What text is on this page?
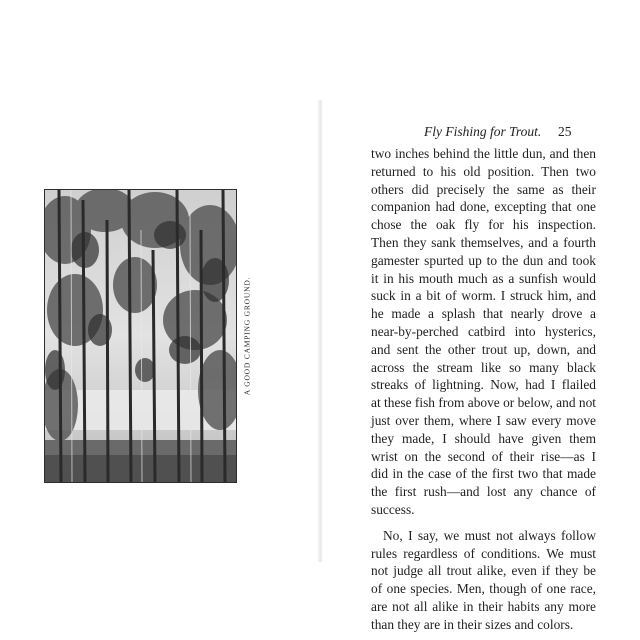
A GOOD CAMPING GROUND.
Fly Fishing for Trout. 25
two inches behind the little dun, and then
returned to his old position. Then two
others did precisely the same as their
companion had done, excepting that one
chose the oak fly for his inspection.
Then they sank themselves, and a fourth
gamester spurted up to the dun and took
it in his mouth much as a sunfish would
suck in a bit of worm. I struck him, and
he made a splash that nearly drove a
near-by-perched catbird into hysterics,
and sent the other trout up, down, and
across the stream like so many black
streaks of lightning. Now, had I flailed
at these fish from above or below, and not
just over them, where I saw every move
they made, I should have given them
wrist on the second of their rise—as I
did in the case of the first two that made
the first rush—and lost any chance of
success.
No, I say, we must not always follow
rules regardless of conditions. We must
not judge all trout alike, even if they be
of one species. Men, though of one race,
are not all alike in their habits any more
than they are in their sizes and colors.
